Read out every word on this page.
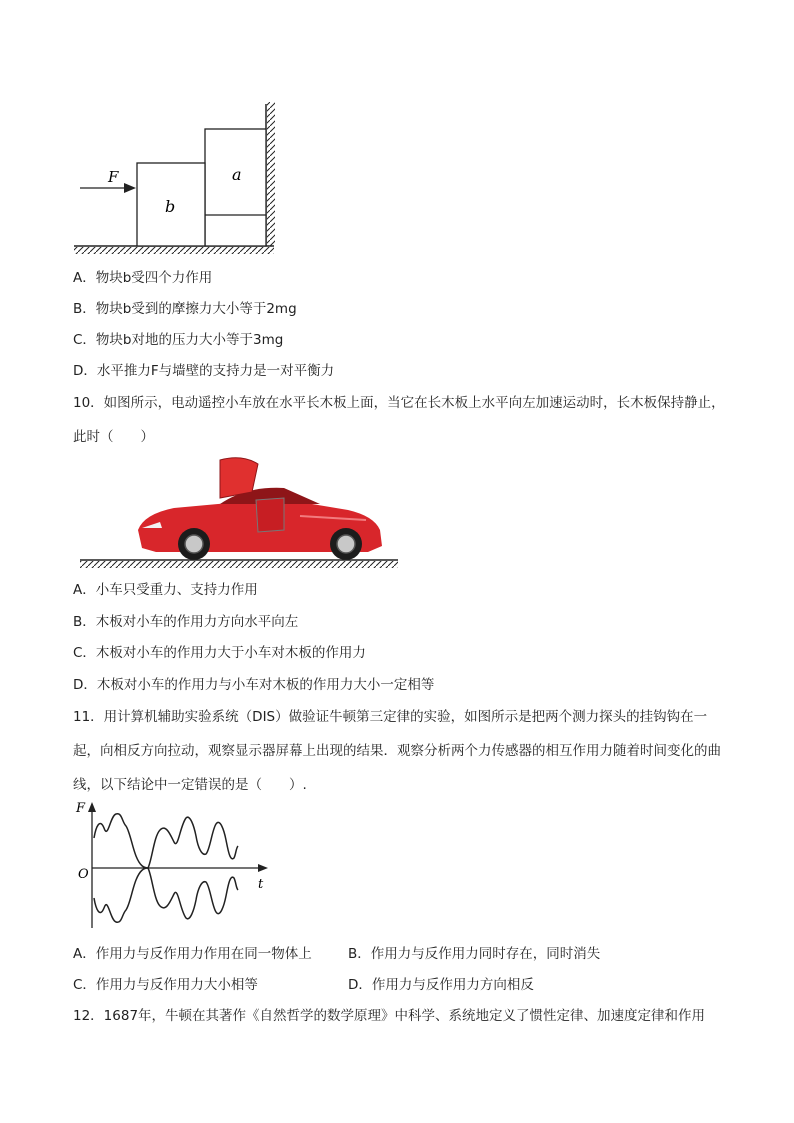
F	a
b
A．物块b受四个力作用
B．物块b受到的摩擦力大小等于2mg
C．物块b对地的压力大小等于3mg
D．水平推力F与墙壁的支持力是一对平衡力
10．如图所示，电动遥控小车放在水平长木板上面，当它在长木板上水平向左加速运动时，长木板保持静止，此时（　　）
A．小车只受重力、支持力作用
B．木板对小车的作用力方向水平向左
C．木板对小车的作用力大于小车对木板的作用力
D．木板对小车的作用力与小车对木板的作用力大小一定相等
11．用计算机辅助实验系统（DIS）做验证牛顿第三定律的实验，如图所示是把两个测力探头的挂钩钩在一起，向相反方向拉动，观察显示器屏幕上出现的结果．观察分析两个力传感器的相互作用力随着时间变化的曲线，以下结论中一定错误的是（　　）.
F
t
O
A．作用力与反作用力作用在同一物体上	B．作用力与反作用力同时存在，同时消失
C．作用力与反作用力大小相等	D．作用力与反作用力方向相反
12．1687年，牛顿在其著作《自然哲学的数学原理》中科学、系统地定义了惯性定律、加速度定律和作用
